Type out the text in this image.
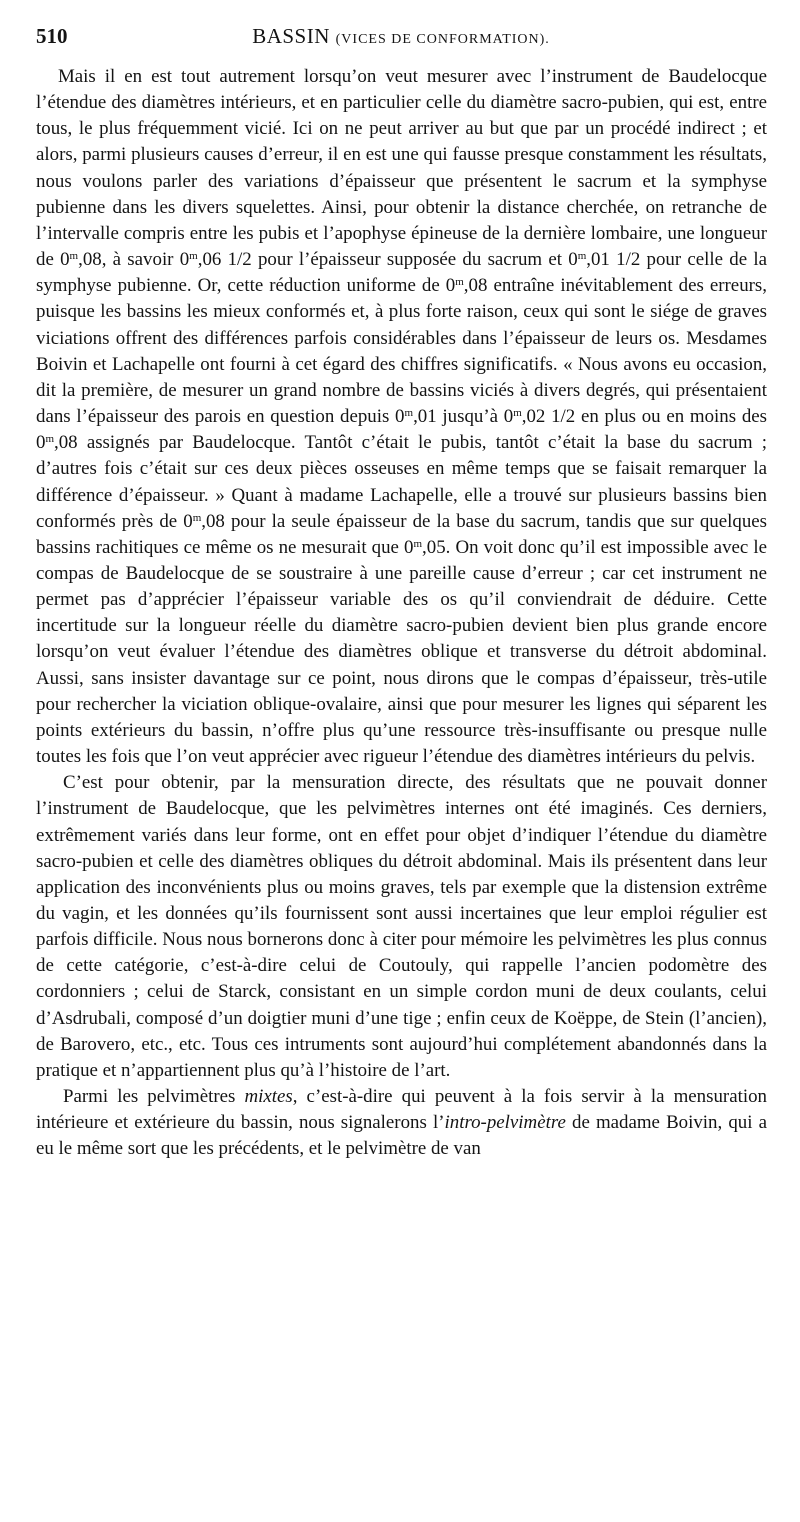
510	BASSIN (VICES DE CONFORMATION).

Mais il en est tout autrement lorsqu’on veut mesurer avec l’instrument de Baudelocque l’étendue des diamètres intérieurs, et en particulier celle du diamètre sacro-pubien, qui est, entre tous, le plus fréquemment vicié. Ici on ne peut arriver au but que par un procédé indirect ; et alors, parmi plusieurs causes d’erreur, il en est une qui fausse presque constamment les résultats, nous voulons parler des variations d’épaisseur que présentent le sacrum et la symphyse pubienne dans les divers squelettes. Ainsi, pour obtenir la distance cherchée, on retranche de l’intervalle compris entre les pubis et l’apophyse épineuse de la dernière lombaire, une longueur de 0$^m$,08, à savoir 0$^m$,06 1/2 pour l’épaisseur supposée du sacrum et 0$^m$,01 1/2 pour celle de la symphyse pubienne. Or, cette réduction uniforme de 0$^m$,08 entraîne inévitablement des erreurs, puisque les bassins les mieux conformés et, à plus forte raison, ceux qui sont le siége de graves viciations offrent des différences parfois considérables dans l’épaisseur de leurs os. Mesdames Boivin et Lachapelle ont fourni à cet égard des chiffres significatifs. « Nous avons eu occasion, dit la première, de mesurer un grand nombre de bassins viciés à divers degrés, qui présentaient dans l’épaisseur des parois en question depuis 0$^m$,01 jusqu’à 0$^m$,02 1/2 en plus ou en moins des 0$^m$,08 assignés par Baudelocque. Tantôt c’était le pubis, tantôt c’était la base du sacrum ; d’autres fois c’était sur ces deux pièces osseuses en même temps que se faisait remarquer la différence d’épaisseur. » Quant à madame Lachapelle, elle a trouvé sur plusieurs bassins bien conformés près de 0$^m$,08 pour la seule épaisseur de la base du sacrum, tandis que sur quelques bassins rachitiques ce même os ne mesurait que 0$^m$,05. On voit donc qu’il est impossible avec le compas de Baudelocque de se soustraire à une pareille cause d’erreur ; car cet instrument ne permet pas d’apprécier l’épaisseur variable des os qu’il conviendrait de déduire. Cette incertitude sur la longueur réelle du diamètre sacro-pubien devient bien plus grande encore lorsqu’on veut évaluer l’étendue des diamètres oblique et transverse du détroit abdominal. Aussi, sans insister davantage sur ce point, nous dirons que le compas d’épaisseur, très-utile pour rechercher la viciation oblique-ovalaire, ainsi que pour mesurer les lignes qui séparent les points extérieurs du bassin, n’offre plus qu’une ressource très-insuffisante ou presque nulle toutes les fois que l’on veut apprécier avec rigueur l’étendue des diamètres intérieurs du pelvis.

C’est pour obtenir, par la mensuration directe, des résultats que ne pouvait donner l’instrument de Baudelocque, que les pelvimètres internes ont été imaginés. Ces derniers, extrêmement variés dans leur forme, ont en effet pour objet d’indiquer l’étendue du diamètre sacro-pubien et celle des diamètres obliques du détroit abdominal. Mais ils présentent dans leur application des inconvénients plus ou moins graves, tels par exemple que la distension extrême du vagin, et les données qu’ils fournissent sont aussi incertaines que leur emploi régulier est parfois difficile. Nous nous bornerons donc à citer pour mémoire les pelvimètres les plus connus de cette catégorie, c’est-à-dire celui de Coutouly, qui rappelle l’ancien podomètre des cordonniers ; celui de Starck, consistant en un simple cordon muni de deux coulants, celui d’Asdrubali, composé d’un doigtier muni d’une tige ; enfin ceux de Koëppe, de Stein (l’ancien), de Barovero, etc., etc. Tous ces intruments sont aujourd’hui complétement abandonnés dans la pratique et n’appartiennent plus qu’à l’histoire de l’art.

Parmi les pelvimètres mixtes, c’est-à-dire qui peuvent à la fois servir à la mensuration intérieure et extérieure du bassin, nous signalerons l’intro-pelvimètre de madame Boivin, qui a eu le même sort que les précédents, et le pelvimètre de van
